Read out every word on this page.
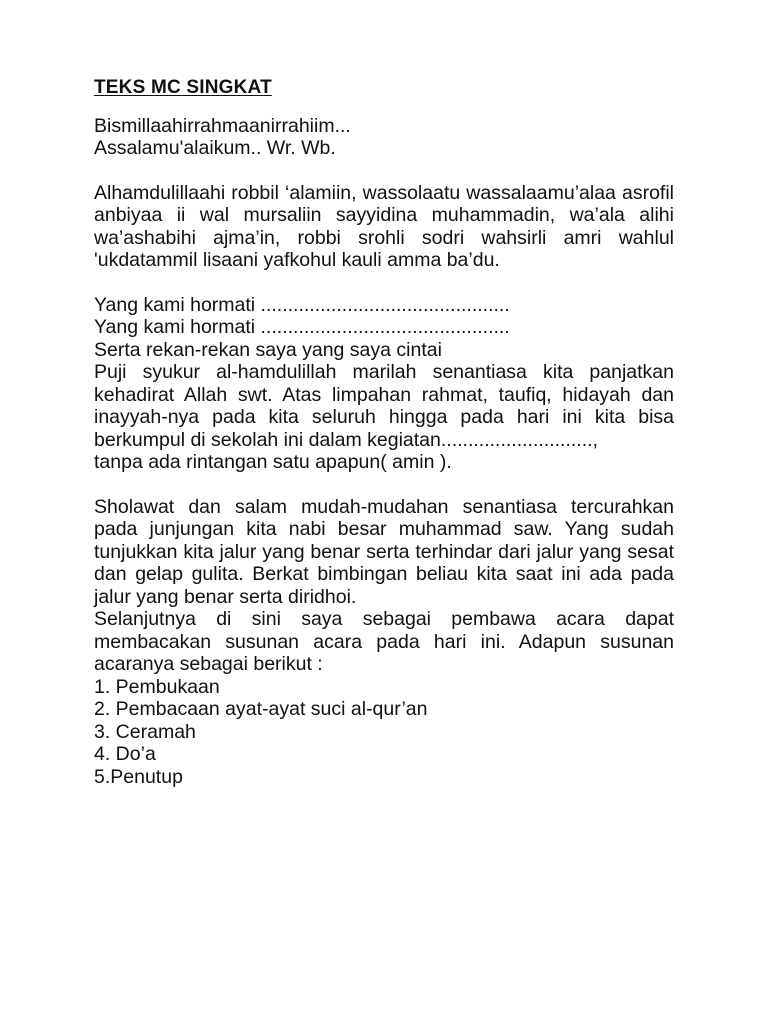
TEKS MC SINGKAT
Bismillaahirrahmaanirrahiim...
Assalamu'alaikum.. Wr. Wb.
Alhamdulillaahi robbil ‘alamiin, wassolaatu wassalaamu’alaa asrofil anbiyaa ii wal mursaliin sayyidina muhammadin, wa’ala alihi wa’ashabihi ajma’in, robbi srohli sodri wahsirli amri wahlul 'ukdatammil lisaani yafkohul kauli amma ba’du.
Yang kami hormati ..............................................
Yang kami hormati ..............................................
Serta rekan-rekan saya yang saya cintai
Puji syukur al-hamdulillah marilah senantiasa kita panjatkan kehadirat Allah swt. Atas limpahan rahmat, taufiq, hidayah dan inayyah-nya pada kita seluruh hingga pada hari ini kita bisa berkumpul di sekolah ini dalam kegiatan............................,
tanpa ada rintangan satu apapun( amin ).
Sholawat dan salam mudah-mudahan senantiasa tercurahkan pada junjungan kita nabi besar muhammad saw. Yang sudah tunjukkan kita jalur yang benar serta terhindar dari jalur yang sesat dan gelap gulita. Berkat bimbingan beliau kita saat ini ada pada jalur yang benar serta diridhoi.
Selanjutnya di sini saya sebagai pembawa acara dapat membacakan susunan acara pada hari ini. Adapun susunan acaranya sebagai berikut :
1. Pembukaan
2. Pembacaan ayat-ayat suci al-qur’an
3. Ceramah
4. Do’a
5.Penutup
